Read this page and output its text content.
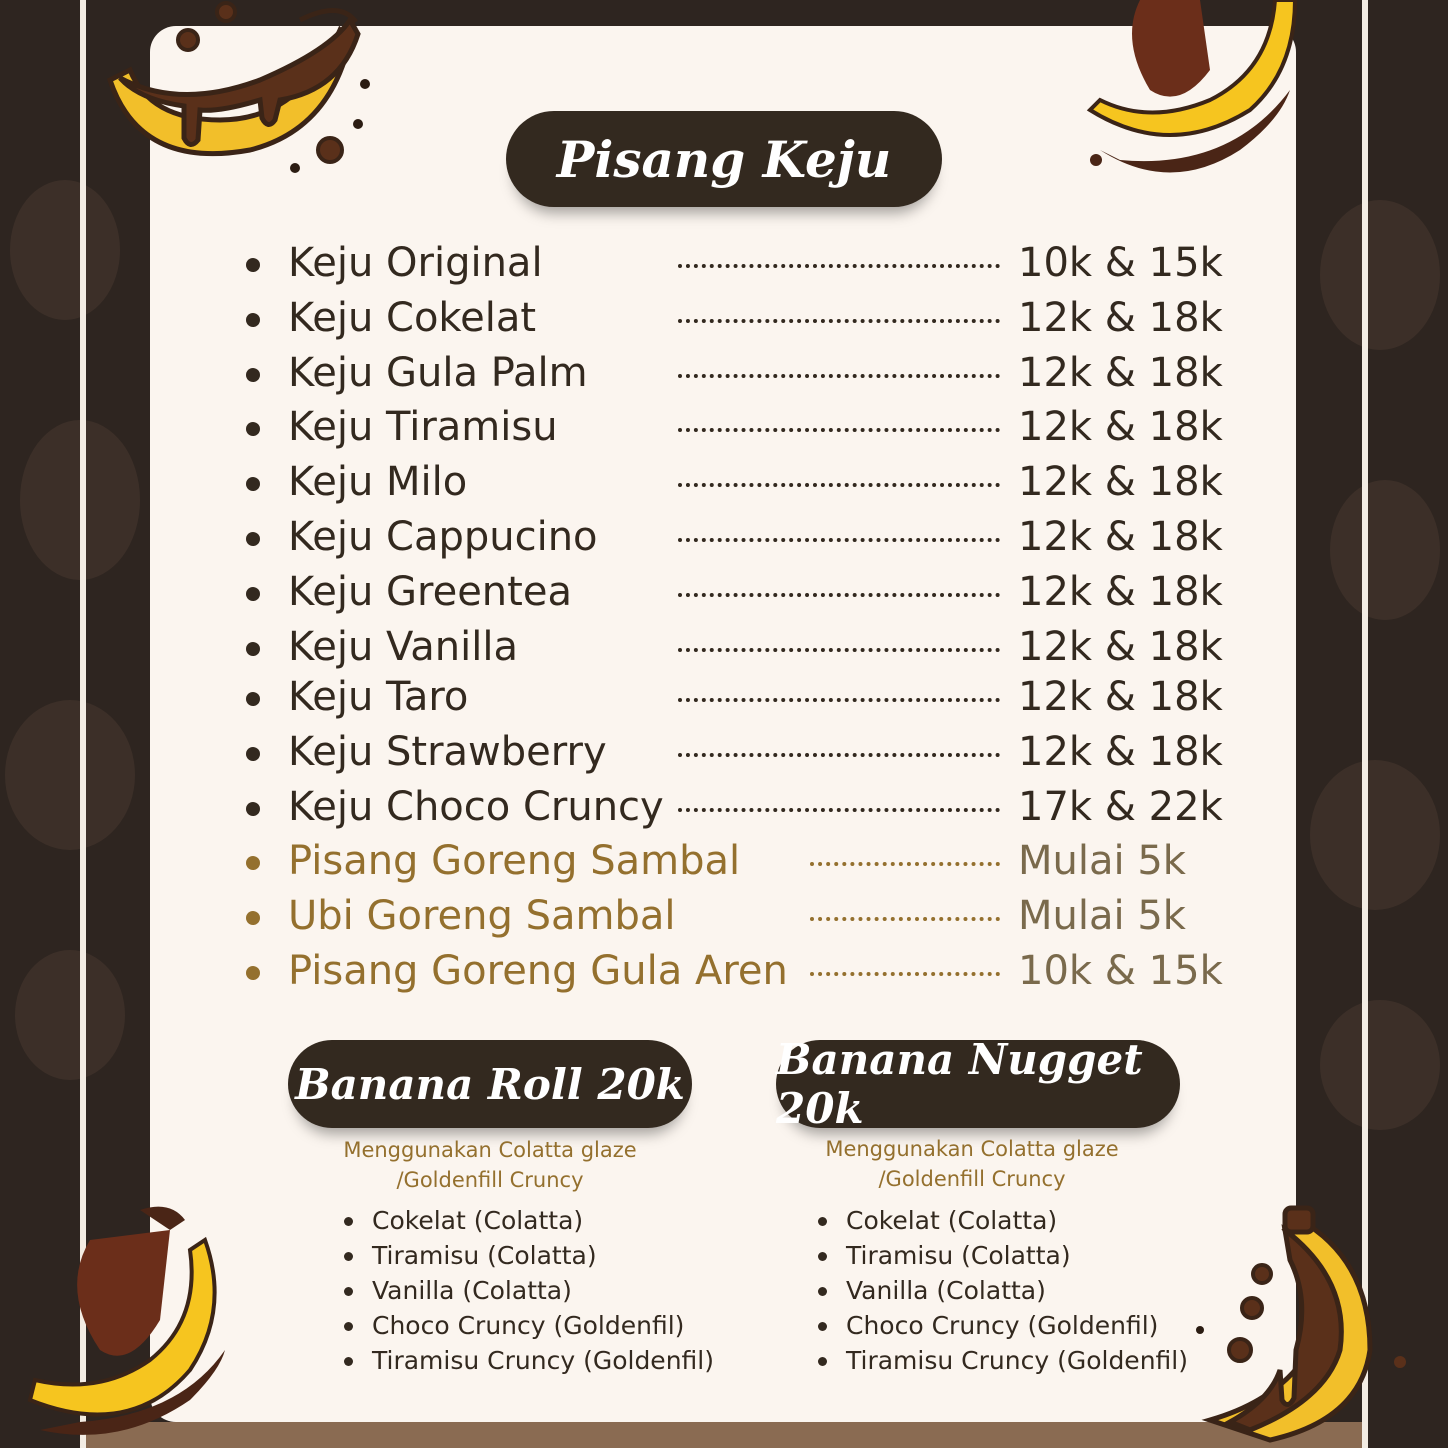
Pisang Keju
Keju Original	10k & 15k
Keju Cokelat	12k & 18k
Keju Gula Palm	12k & 18k
Keju Tiramisu	12k & 18k
Keju Milo	12k & 18k
Keju Cappucino	12k & 18k
Keju Greentea	12k & 18k
Keju Vanilla	12k & 18k
Keju Taro	12k & 18k
Keju Strawberry	12k & 18k
Keju Choco Cruncy	17k & 22k
Pisang Goreng Sambal	Mulai 5k
Ubi Goreng Sambal	Mulai 5k
Pisang Goreng Gula Aren	10k & 15k
Banana Roll 20k
Menggunakan Colatta glaze
/Goldenfill Cruncy
Cokelat (Colatta)
Tiramisu (Colatta)
Vanilla (Colatta)
Choco Cruncy (Goldenfil)
Tiramisu Cruncy (Goldenfil)
Banana Nugget 20k
Menggunakan Colatta glaze
/Goldenfill Cruncy
Cokelat (Colatta)
Tiramisu (Colatta)
Vanilla (Colatta)
Choco Cruncy (Goldenfil)
Tiramisu Cruncy (Goldenfil)
